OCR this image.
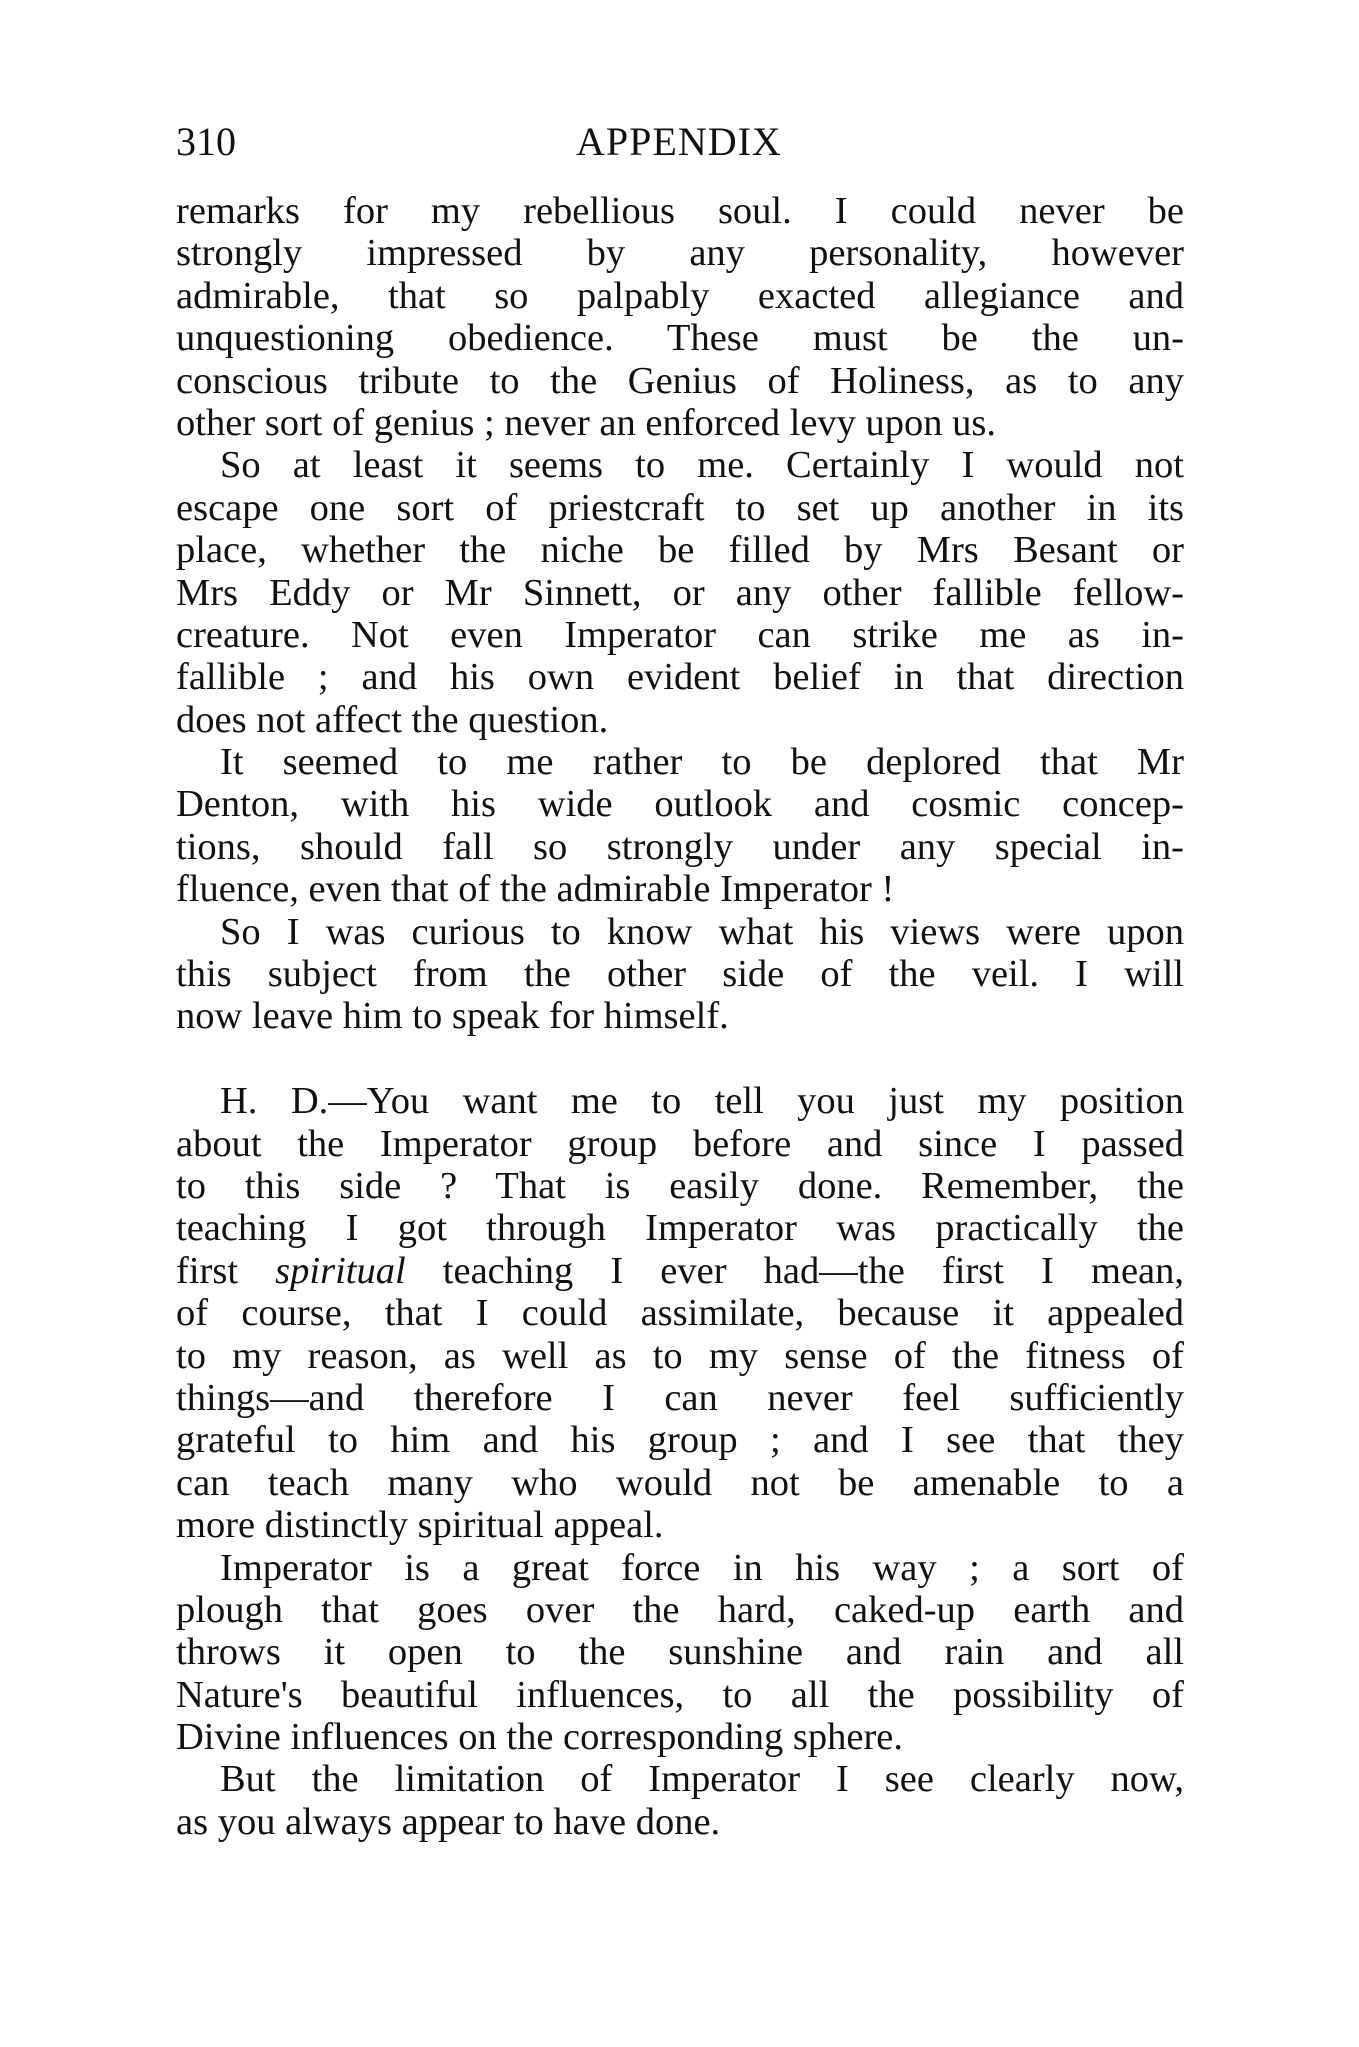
310	APPENDIX
remarks for my rebellious soul. I could never be
strongly impressed by any personality, however
admirable, that so palpably exacted allegiance and
unquestioning obedience. These must be the un-
conscious tribute to the Genius of Holiness, as to any
other sort of genius ; never an enforced levy upon us.
So at least it seems to me. Certainly I would not
escape one sort of priestcraft to set up another in its
place, whether the niche be filled by Mrs Besant or
Mrs Eddy or Mr Sinnett, or any other fallible fellow-
creature. Not even Imperator can strike me as in-
fallible ; and his own evident belief in that direction
does not affect the question.
It seemed to me rather to be deplored that Mr
Denton, with his wide outlook and cosmic concep-
tions, should fall so strongly under any special in-
fluence, even that of the admirable Imperator !
So I was curious to know what his views were upon
this subject from the other side of the veil. I will
now leave him to speak for himself.
H. D.—You want me to tell you just my position
about the Imperator group before and since I passed
to this side ? That is easily done. Remember, the
teaching I got through Imperator was practically the
first spiritual teaching I ever had—the first I mean,
of course, that I could assimilate, because it appealed
to my reason, as well as to my sense of the fitness of
things—and therefore I can never feel sufficiently
grateful to him and his group ; and I see that they
can teach many who would not be amenable to a
more distinctly spiritual appeal.
Imperator is a great force in his way ; a sort of
plough that goes over the hard, caked-up earth and
throws it open to the sunshine and rain and all
Nature's beautiful influences, to all the possibility of
Divine influences on the corresponding sphere.
But the limitation of Imperator I see clearly now,
as you always appear to have done.
